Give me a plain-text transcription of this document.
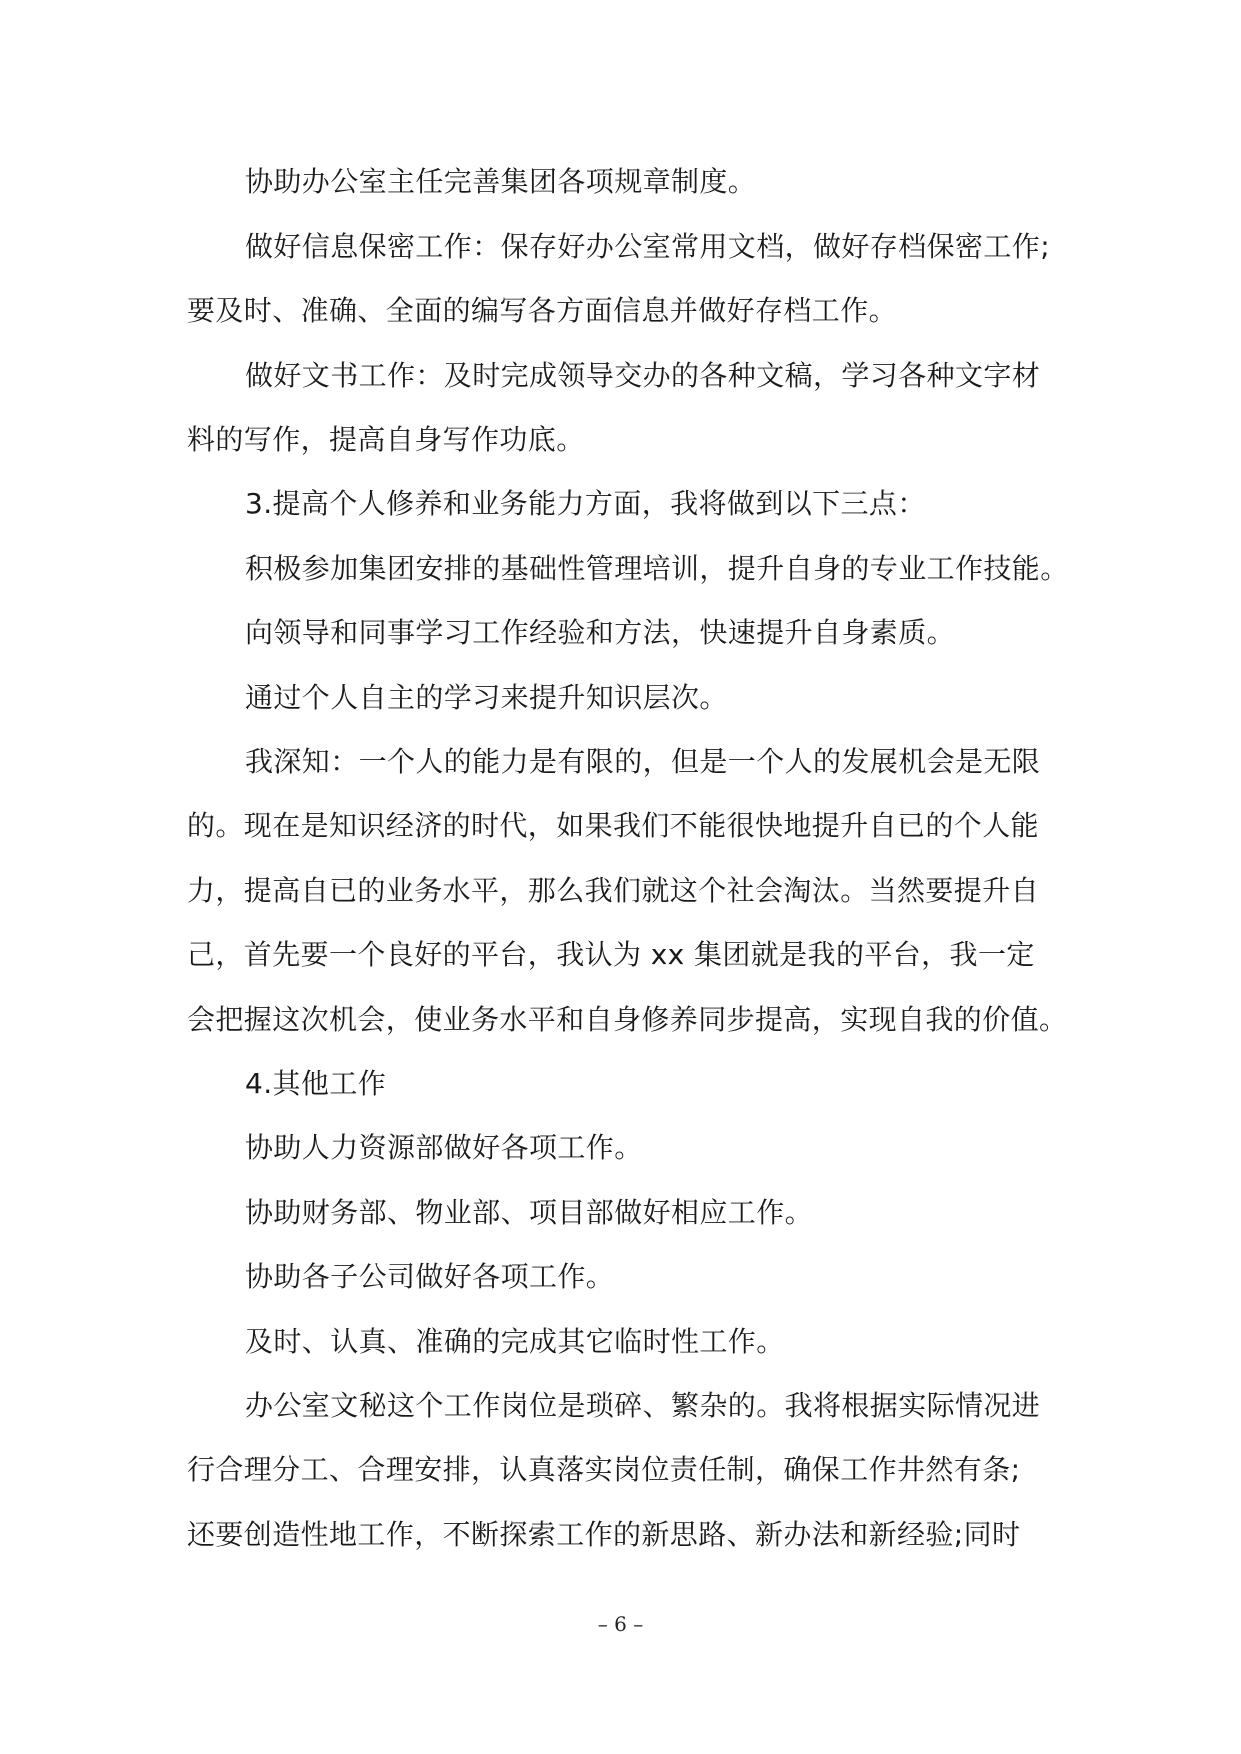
协助办公室主任完善集团各项规章制度。
做好信息保密工作：保存好办公室常用文档，做好存档保密工作;
要及时、准确、全面的编写各方面信息并做好存档工作。
做好文书工作：及时完成领导交办的各种文稿，学习各种文字材
料的写作，提高自身写作功底。
3.提高个人修养和业务能力方面，我将做到以下三点：
积极参加集团安排的基础性管理培训，提升自身的专业工作技能。
向领导和同事学习工作经验和方法，快速提升自身素质。
通过个人自主的学习来提升知识层次。
我深知：一个人的能力是有限的，但是一个人的发展机会是无限
的。现在是知识经济的时代，如果我们不能很快地提升自已的个人能
力，提高自已的业务水平，那么我们就这个社会淘汰。当然要提升自
己，首先要一个良好的平台，我认为 xx 集团就是我的平台，我一定
会把握这次机会，使业务水平和自身修养同步提高，实现自我的价值。
4.其他工作
协助人力资源部做好各项工作。
协助财务部、物业部、项目部做好相应工作。
协助各子公司做好各项工作。
及时、认真、准确的完成其它临时性工作。
办公室文秘这个工作岗位是琐碎、繁杂的。我将根据实际情况进
行合理分工、合理安排，认真落实岗位责任制，确保工作井然有条;
还要创造性地工作，不断探索工作的新思路、新办法和新经验;同时
– 6 –
